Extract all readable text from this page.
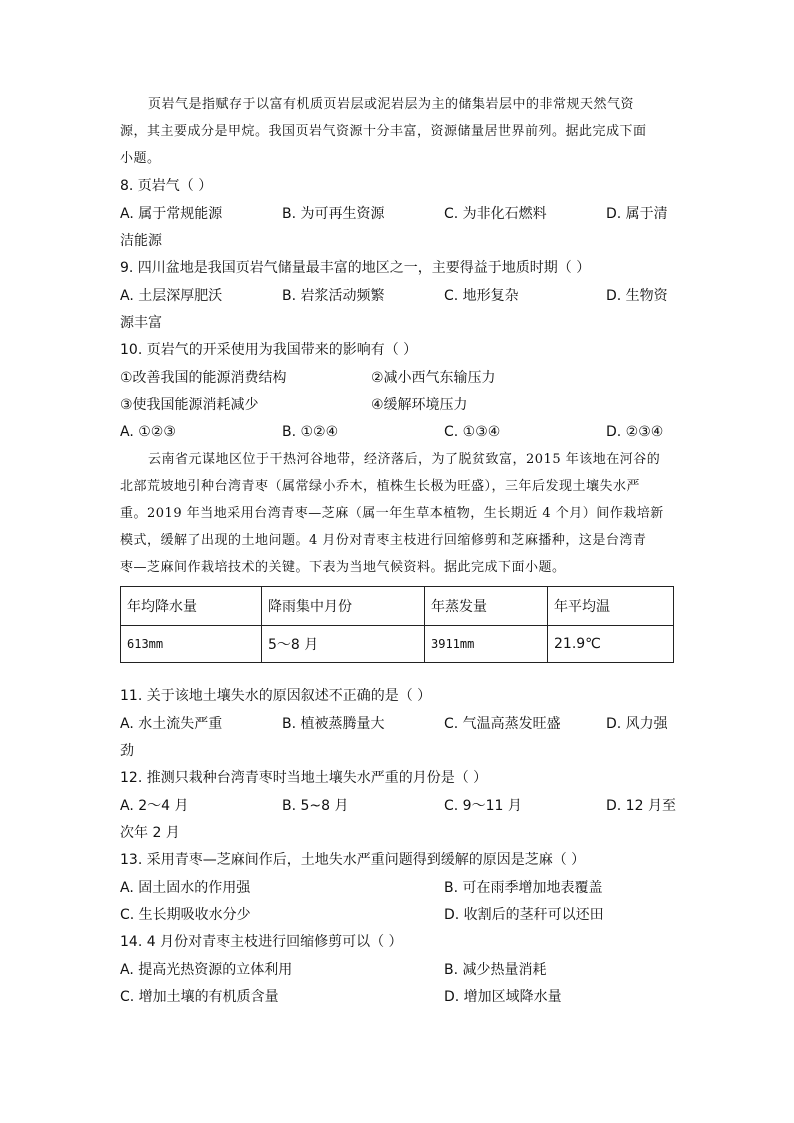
页岩气是指赋存于以富有机质页岩层或泥岩层为主的储集岩层中的非常规天然气资
源，其主要成分是甲烷。我国页岩气资源十分丰富，资源储量居世界前列。据此完成下面
小题。
8. 页岩气（ ）
A. 属于常规能源	B. 为可再生资源	C. 为非化石燃料	D. 属于清
洁能源
9. 四川盆地是我国页岩气储量最丰富的地区之一，主要得益于地质时期（ ）
A. 土层深厚肥沃	B. 岩浆活动频繁	C. 地形复杂	D. 生物资
源丰富
10. 页岩气的开采使用为我国带来的影响有（ ）
①改善我国的能源消费结构	②减小西气东输压力
③使我国能源消耗减少	④缓解环境压力
A. ①②③	B. ①②④	C. ①③④	D. ②③④
云南省元谋地区位于干热河谷地带，经济落后，为了脱贫致富，2015 年该地在河谷的
北部荒坡地引种台湾青枣（属常绿小乔木，植株生长极为旺盛），三年后发现土壤失水严
重。2019 年当地采用台湾青枣—芝麻（属一年生草本植物，生长期近 4 个月）间作栽培新
模式，缓解了出现的土地问题。4 月份对青枣主枝进行回缩修剪和芝麻播种，这是台湾青
枣—芝麻间作栽培技术的关键。下表为当地气候资料。据此完成下面小题。
年均降水量	降雨集中月份	年蒸发量	年平均温
613mm	5～8 月	3911mm	21.9℃
11. 关于该地土壤失水的原因叙述不正确的是（ ）
A. 水土流失严重	B. 植被蒸腾量大	C. 气温高蒸发旺盛	D. 风力强
劲
12. 推测只栽种台湾青枣时当地土壤失水严重的月份是（ ）
A. 2～4 月	B. 5~8 月	C. 9～11 月	D. 12 月至
次年 2 月
13. 采用青枣—芝麻间作后，土地失水严重问题得到缓解的原因是芝麻（ ）
A. 固土固水的作用强	B. 可在雨季增加地表覆盖
C. 生长期吸收水分少	D. 收割后的茎秆可以还田
14. 4 月份对青枣主枝进行回缩修剪可以（ ）
A. 提高光热资源的立体利用	B. 减少热量消耗
C. 增加土壤的有机质含量	D. 增加区域降水量
